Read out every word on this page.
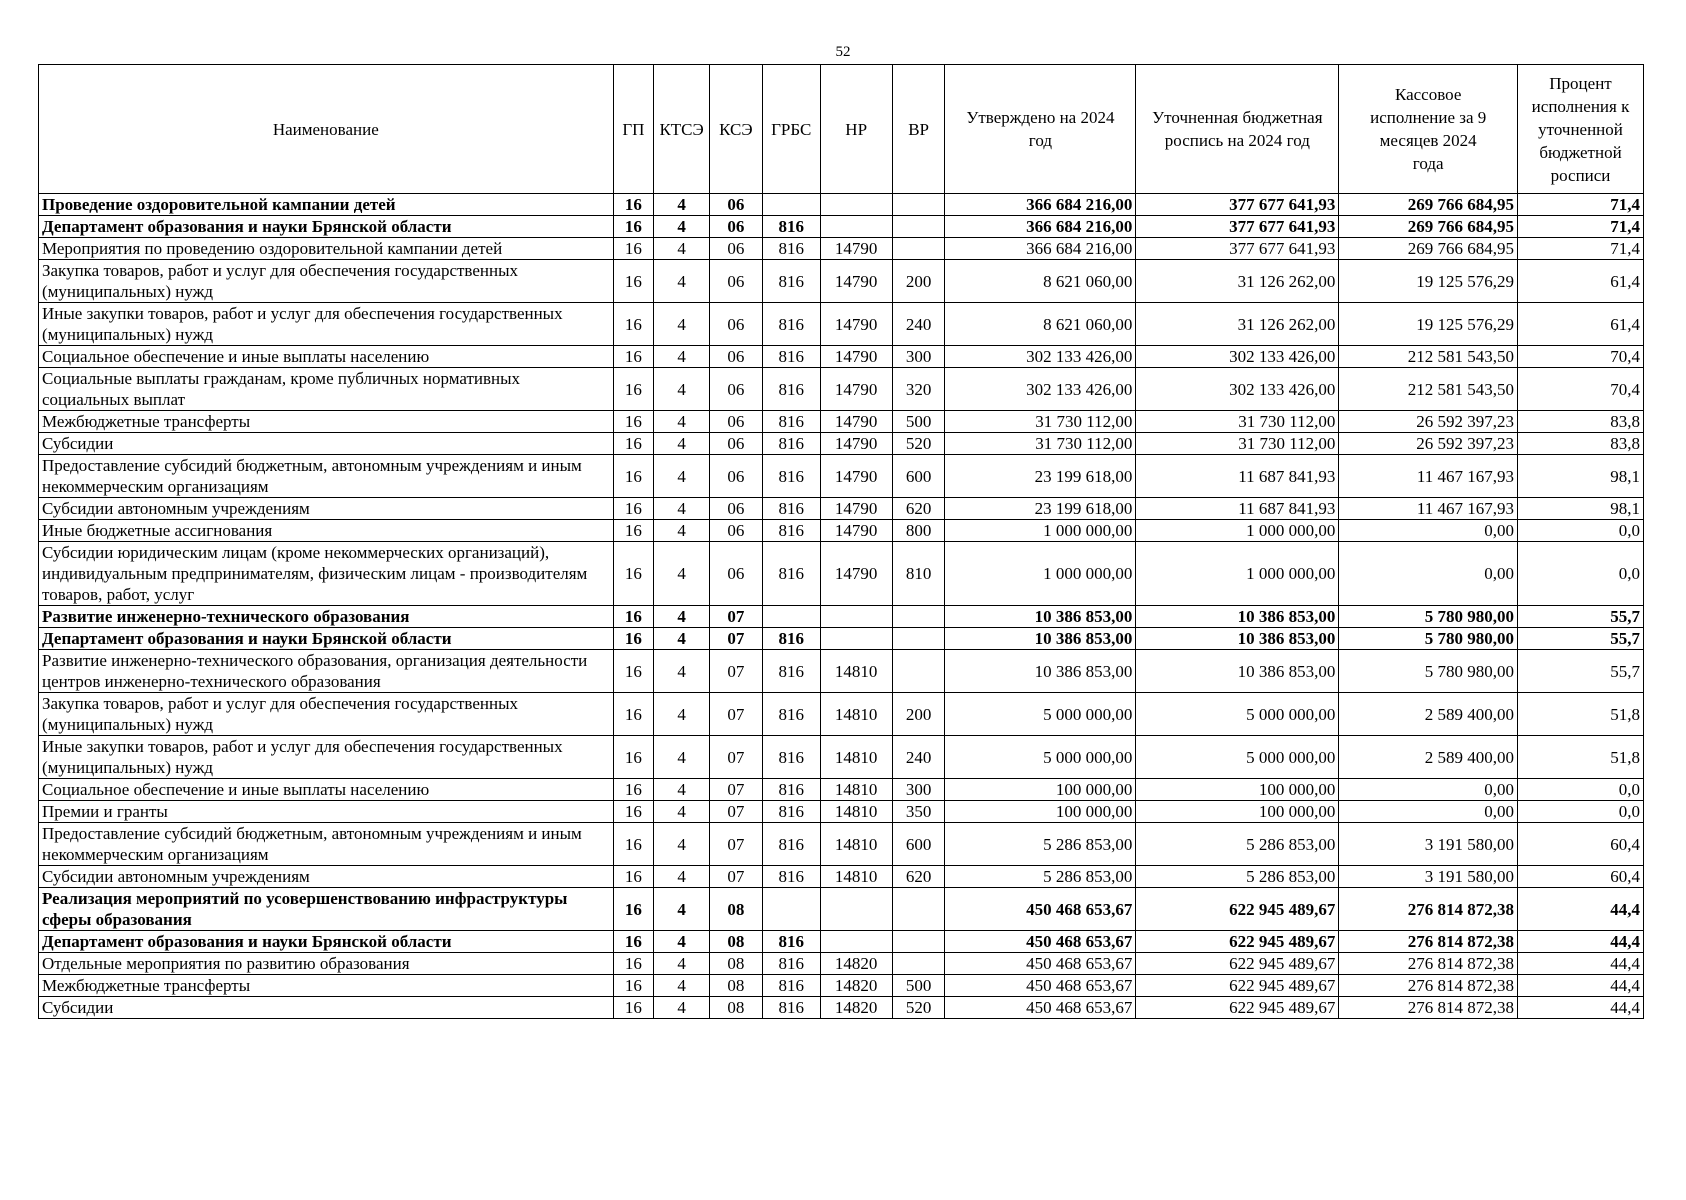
52
Наименование	ГП	КТСЭ	КСЭ	ГРБС	НР	ВР	Утверждено на 2024 год	Уточненная бюджетная роспись на 2024 год	Кассовое исполнение за 9 месяцев 2024 года	Процент исполнения к уточненной бюджетной росписи
Проведение оздоровительной кампании детей	16	4	06				366 684 216,00	377 677 641,93	269 766 684,95	71,4
Департамент образования и науки Брянской области	16	4	06	816			366 684 216,00	377 677 641,93	269 766 684,95	71,4
Мероприятия по проведению оздоровительной кампании детей	16	4	06	816	14790		366 684 216,00	377 677 641,93	269 766 684,95	71,4
Закупка товаров, работ и услуг для обеспечения государственных (муниципальных) нужд	16	4	06	816	14790	200	8 621 060,00	31 126 262,00	19 125 576,29	61,4
Иные закупки товаров, работ и услуг для обеспечения государственных (муниципальных) нужд	16	4	06	816	14790	240	8 621 060,00	31 126 262,00	19 125 576,29	61,4
Социальное обеспечение и иные выплаты населению	16	4	06	816	14790	300	302 133 426,00	302 133 426,00	212 581 543,50	70,4
Социальные выплаты гражданам, кроме публичных нормативных социальных выплат	16	4	06	816	14790	320	302 133 426,00	302 133 426,00	212 581 543,50	70,4
Межбюджетные трансферты	16	4	06	816	14790	500	31 730 112,00	31 730 112,00	26 592 397,23	83,8
Субсидии	16	4	06	816	14790	520	31 730 112,00	31 730 112,00	26 592 397,23	83,8
Предоставление субсидий бюджетным, автономным учреждениям и иным некоммерческим организациям	16	4	06	816	14790	600	23 199 618,00	11 687 841,93	11 467 167,93	98,1
Субсидии автономным учреждениям	16	4	06	816	14790	620	23 199 618,00	11 687 841,93	11 467 167,93	98,1
Иные бюджетные ассигнования	16	4	06	816	14790	800	1 000 000,00	1 000 000,00	0,00	0,0
Субсидии юридическим лицам (кроме некоммерческих организаций), индивидуальным предпринимателям, физическим лицам - производителям товаров, работ, услуг	16	4	06	816	14790	810	1 000 000,00	1 000 000,00	0,00	0,0
Развитие инженерно-технического образования	16	4	07				10 386 853,00	10 386 853,00	5 780 980,00	55,7
Департамент образования и науки Брянской области	16	4	07	816			10 386 853,00	10 386 853,00	5 780 980,00	55,7
Развитие инженерно-технического образования, организация деятельности центров инженерно-технического образования	16	4	07	816	14810		10 386 853,00	10 386 853,00	5 780 980,00	55,7
Закупка товаров, работ и услуг для обеспечения государственных (муниципальных) нужд	16	4	07	816	14810	200	5 000 000,00	5 000 000,00	2 589 400,00	51,8
Иные закупки товаров, работ и услуг для обеспечения государственных (муниципальных) нужд	16	4	07	816	14810	240	5 000 000,00	5 000 000,00	2 589 400,00	51,8
Социальное обеспечение и иные выплаты населению	16	4	07	816	14810	300	100 000,00	100 000,00	0,00	0,0
Премии и гранты	16	4	07	816	14810	350	100 000,00	100 000,00	0,00	0,0
Предоставление субсидий бюджетным, автономным учреждениям и иным некоммерческим организациям	16	4	07	816	14810	600	5 286 853,00	5 286 853,00	3 191 580,00	60,4
Субсидии автономным учреждениям	16	4	07	816	14810	620	5 286 853,00	5 286 853,00	3 191 580,00	60,4
Реализация мероприятий по усовершенствованию инфраструктуры сферы образования	16	4	08				450 468 653,67	622 945 489,67	276 814 872,38	44,4
Департамент образования и науки Брянской области	16	4	08	816			450 468 653,67	622 945 489,67	276 814 872,38	44,4
Отдельные мероприятия по развитию образования	16	4	08	816	14820		450 468 653,67	622 945 489,67	276 814 872,38	44,4
Межбюджетные трансферты	16	4	08	816	14820	500	450 468 653,67	622 945 489,67	276 814 872,38	44,4
Субсидии	16	4	08	816	14820	520	450 468 653,67	622 945 489,67	276 814 872,38	44,4
